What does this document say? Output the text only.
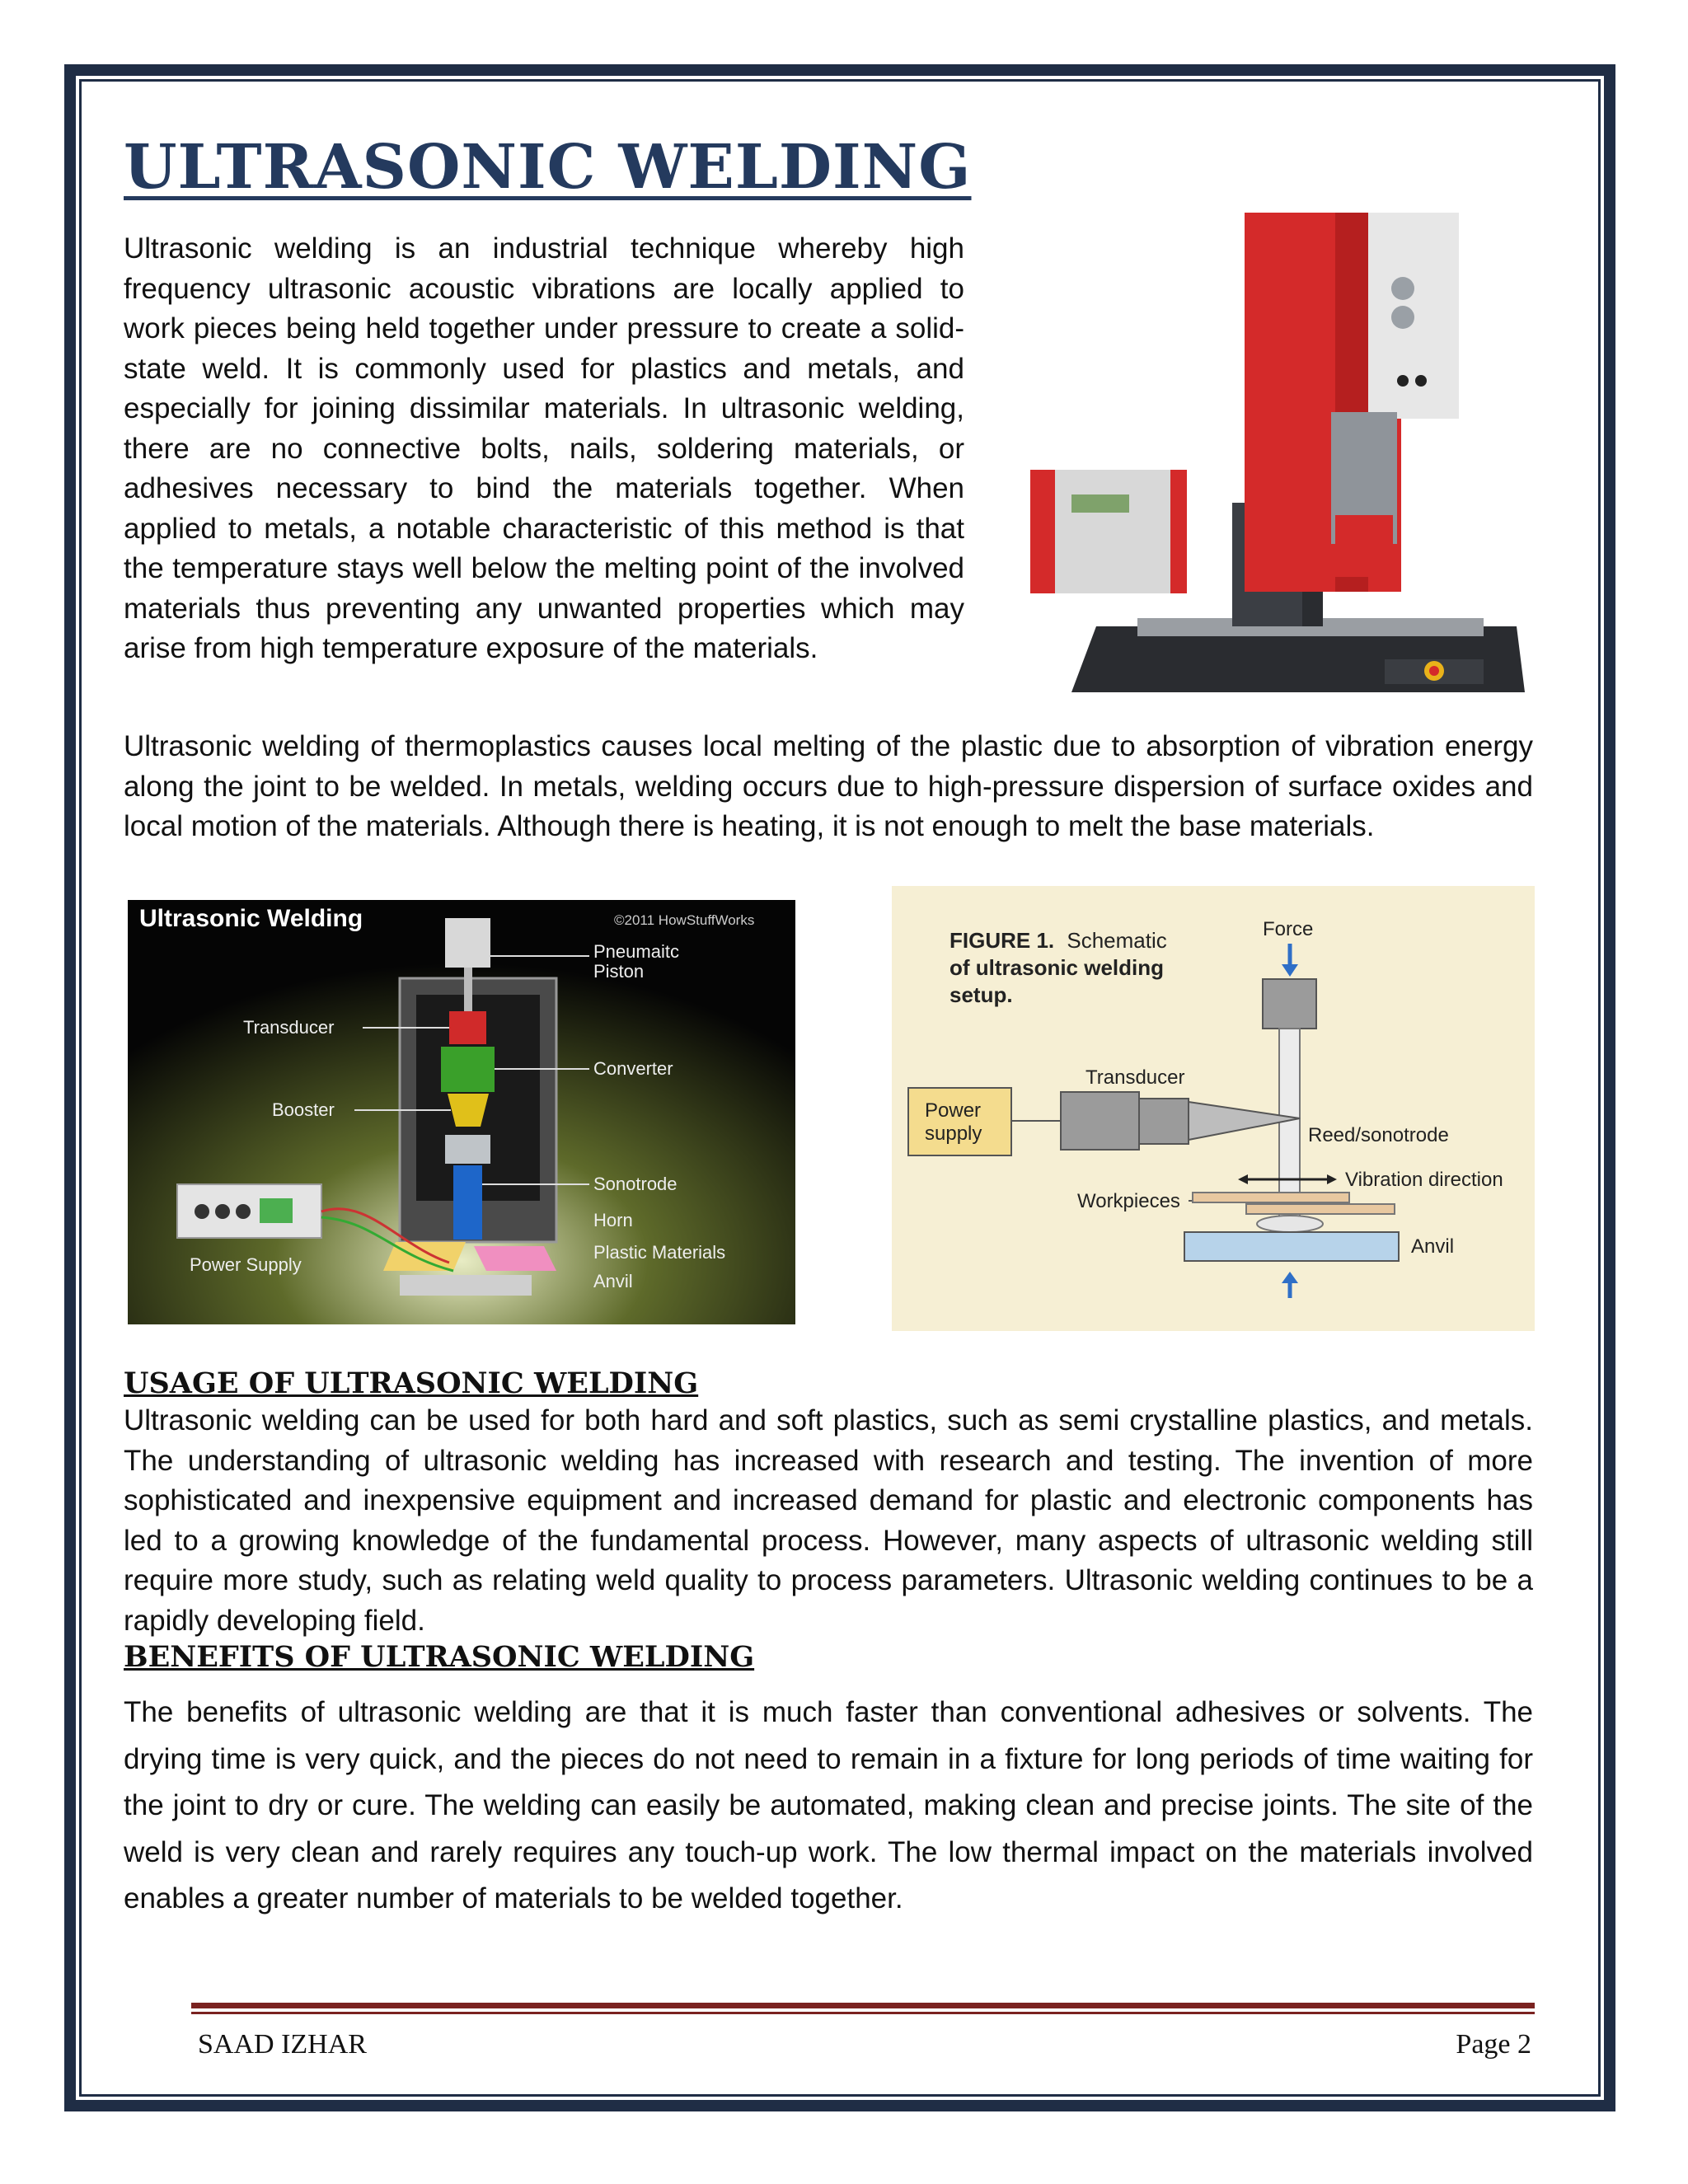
ULTRASONIC WELDING

Ultrasonic welding is an industrial technique whereby high frequency ultrasonic acoustic vibrations are locally applied to work pieces being held together under pressure to create a solid-state weld. It is commonly used for plastics and metals, and especially for joining dissimilar materials. In ultrasonic welding, there are no connective bolts, nails, soldering materials, or adhesives necessary to bind the materials together. When applied to metals, a notable characteristic of this method is that the temperature stays well below the melting point of the involved materials thus preventing any unwanted properties which may arise from high temperature exposure of the materials.

Ultrasonic welding of thermoplastics causes local melting of the plastic due to absorption of vibration energy along the joint to be welded. In metals, welding occurs due to high-pressure dispersion of surface oxides and local motion of the materials. Although there is heating, it is not enough to melt the base materials.

Ultrasonic Welding	©2011 HowStuffWorks
Pneumaitc Piston
Transducer
Converter
Booster
Sonotrode
Horn
Plastic Materials
Anvil
Power Supply
FIGURE 1. Schematic of ultrasonic welding setup.
Force
Transducer
Power supply	Reed/sonotrode
Vibration direction
Workpieces
Anvil
USAGE OF ULTRASONIC WELDING

Ultrasonic welding can be used for both hard and soft plastics, such as semi crystalline plastics, and metals. The understanding of ultrasonic welding has increased with research and testing. The invention of more sophisticated and inexpensive equipment and increased demand for plastic and electronic components has led to a growing knowledge of the fundamental process. However, many aspects of ultrasonic welding still require more study, such as relating weld quality to process parameters. Ultrasonic welding continues to be a rapidly developing field.

BENEFITS OF ULTRASONIC WELDING

The benefits of ultrasonic welding are that it is much faster than conventional adhesives or solvents. The drying time is very quick, and the pieces do not need to remain in a fixture for long periods of time waiting for the joint to dry or cure. The welding can easily be automated, making clean and precise joints. The site of the weld is very clean and rarely requires any touch-up work. The low thermal impact on the materials involved enables a greater number of materials to be welded together.

SAAD IZHAR	Page 2
